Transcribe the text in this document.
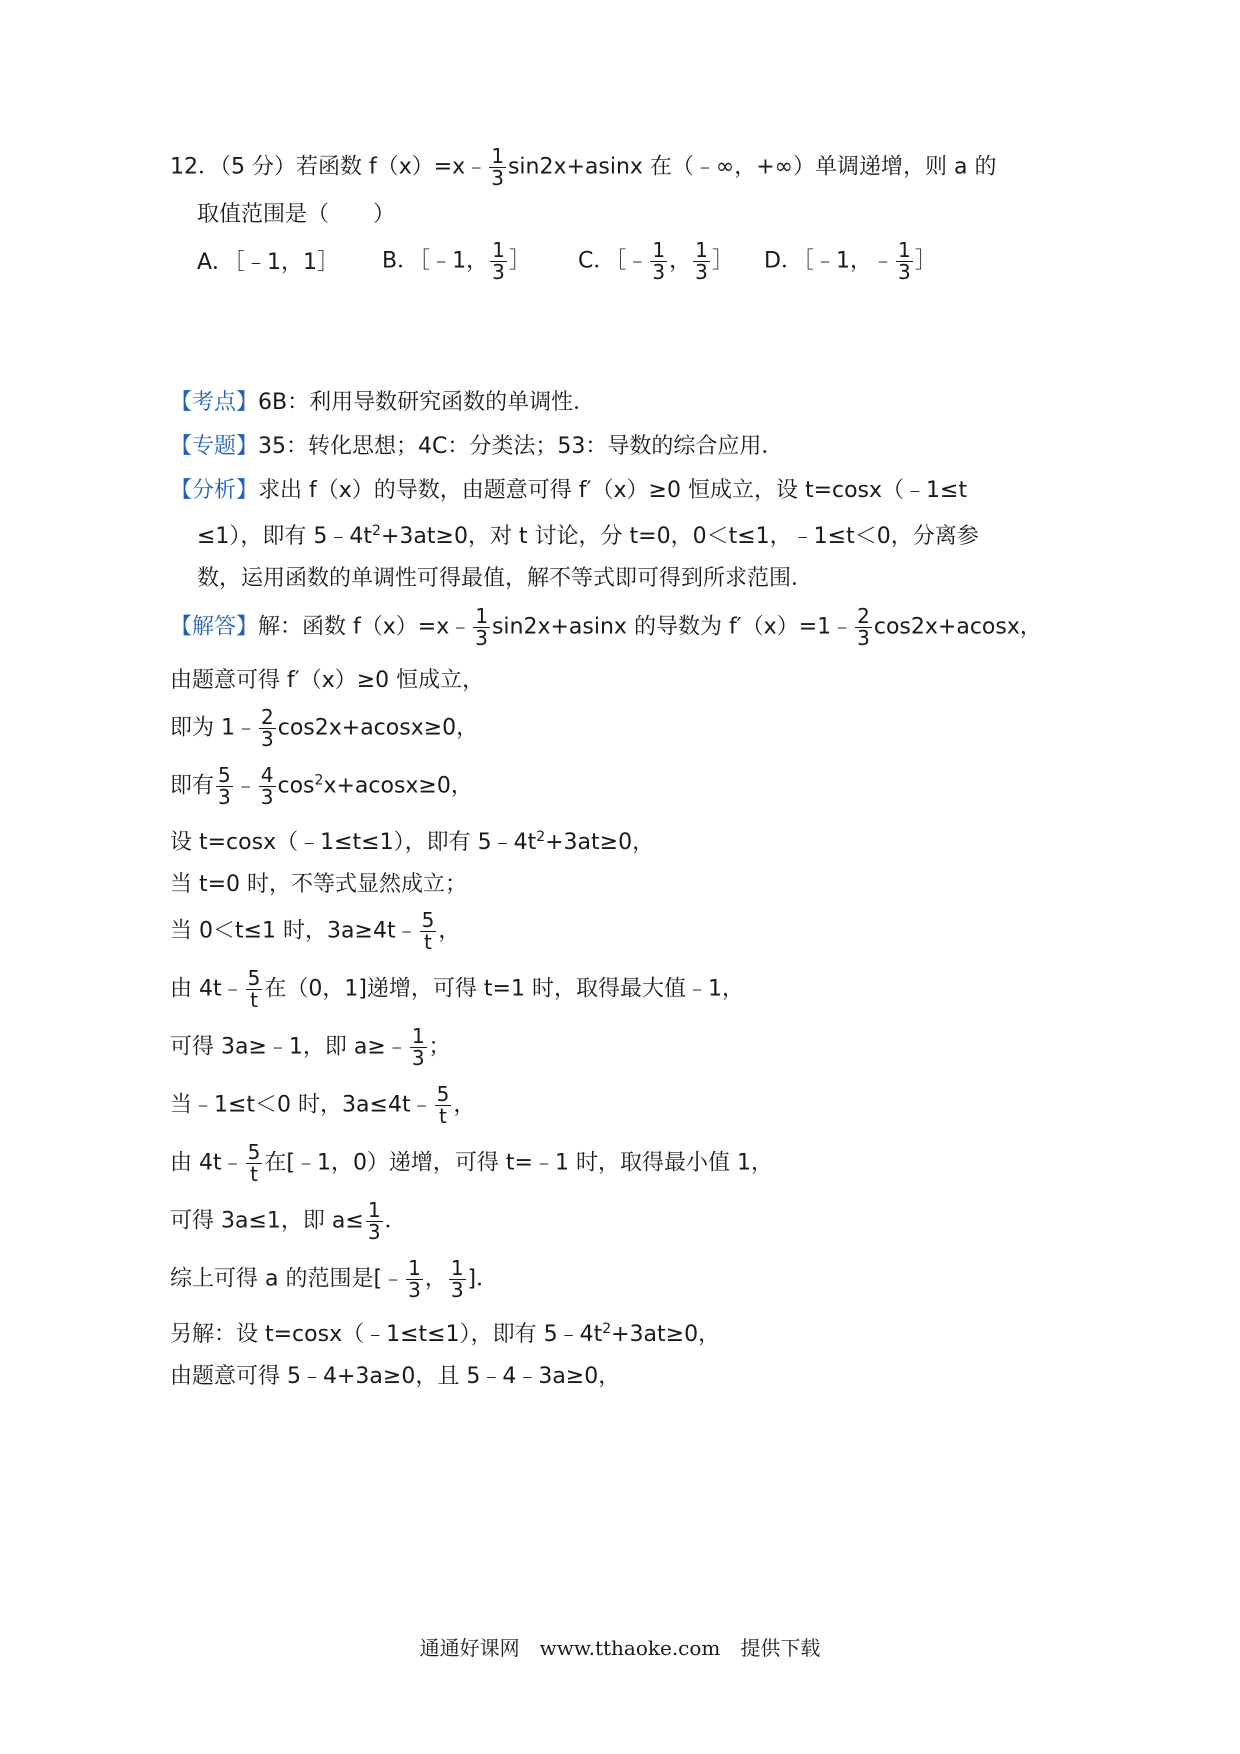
12．（5 分）若函数 f（x）=x﹣ $\frac{1}{3} \sin 2x+asinx$ 在（﹣∞，+∞）单调递增，则 a 的
取值范围是（　　）
A．［﹣1，1］ B．［﹣1， $\frac{1}{3}$ ］ C．［﹣ $\frac{1}{3}$ ， $\frac{1}{3}$ ］ D．［﹣1，﹣ $\frac{1}{3}$ ］
【考点】6B：利用导数研究函数的单调性．
【专题】35：转化思想；4C：分类法；53：导数的综合应用．
【分析】求出 f（x）的导数，由题意可得 f′（x）≥0 恒成立，设 t=cosx（﹣1≤t
≤1），即有 $5﹣4t^2+3at\ge 0$，对 t 讨论，分 t=0，0＜t≤1，﹣1≤t＜0，分离参
数，运用函数的单调性可得最值，解不等式即可得到所求范围．
【解答】解：函数 f（x）=x﹣ $\frac{1}{3} \sin 2x+asinx$ 的导数为 f′（x）=1﹣ $\frac{2}{3} \cos 2x+acosx$，
由题意可得 f′（x）≥0 恒成立，
即为 1﹣ $\frac{2}{3} \cos 2x+acosx\ge 0$，
即有 $\frac{5}{3}$ ﹣ $\frac{4}{3} \cos^2x+acosx\ge 0$，
设 t=cosx（﹣1≤t≤1），即有 $5﹣4t^2+3at\ge 0$，
当 t=0 时，不等式显然成立；
当 0＜t≤1 时，3a≥4t﹣ $\frac{5}{t}$ ，
由 4t﹣ $\frac{5}{t}$ 在（0，1]递增，可得 t=1 时，取得最大值﹣1，
可得 3a≥﹣1，即 a≥﹣ $\frac{1}{3}$ ；
当﹣1≤t＜0 时，3a≤4t﹣ $\frac{5}{t}$ ，
由 4t﹣ $\frac{5}{t}$ 在[﹣1，0）递增，可得 t=﹣1 时，取得最小值 1，
可得 3a≤1，即 $a\le \frac{1}{3}$ ．
综上可得 a 的范围是[﹣ $\frac{1}{3}$ ， $\frac{1}{3}$ ]．
另解：设 t=cosx（﹣1≤t≤1），即有 $5﹣4t^2+3at\ge 0$，
由题意可得 5﹣4+3a≥0，且 5﹣4﹣3a≥0，
通通好课网　www.tthaoke.com　提供下载
